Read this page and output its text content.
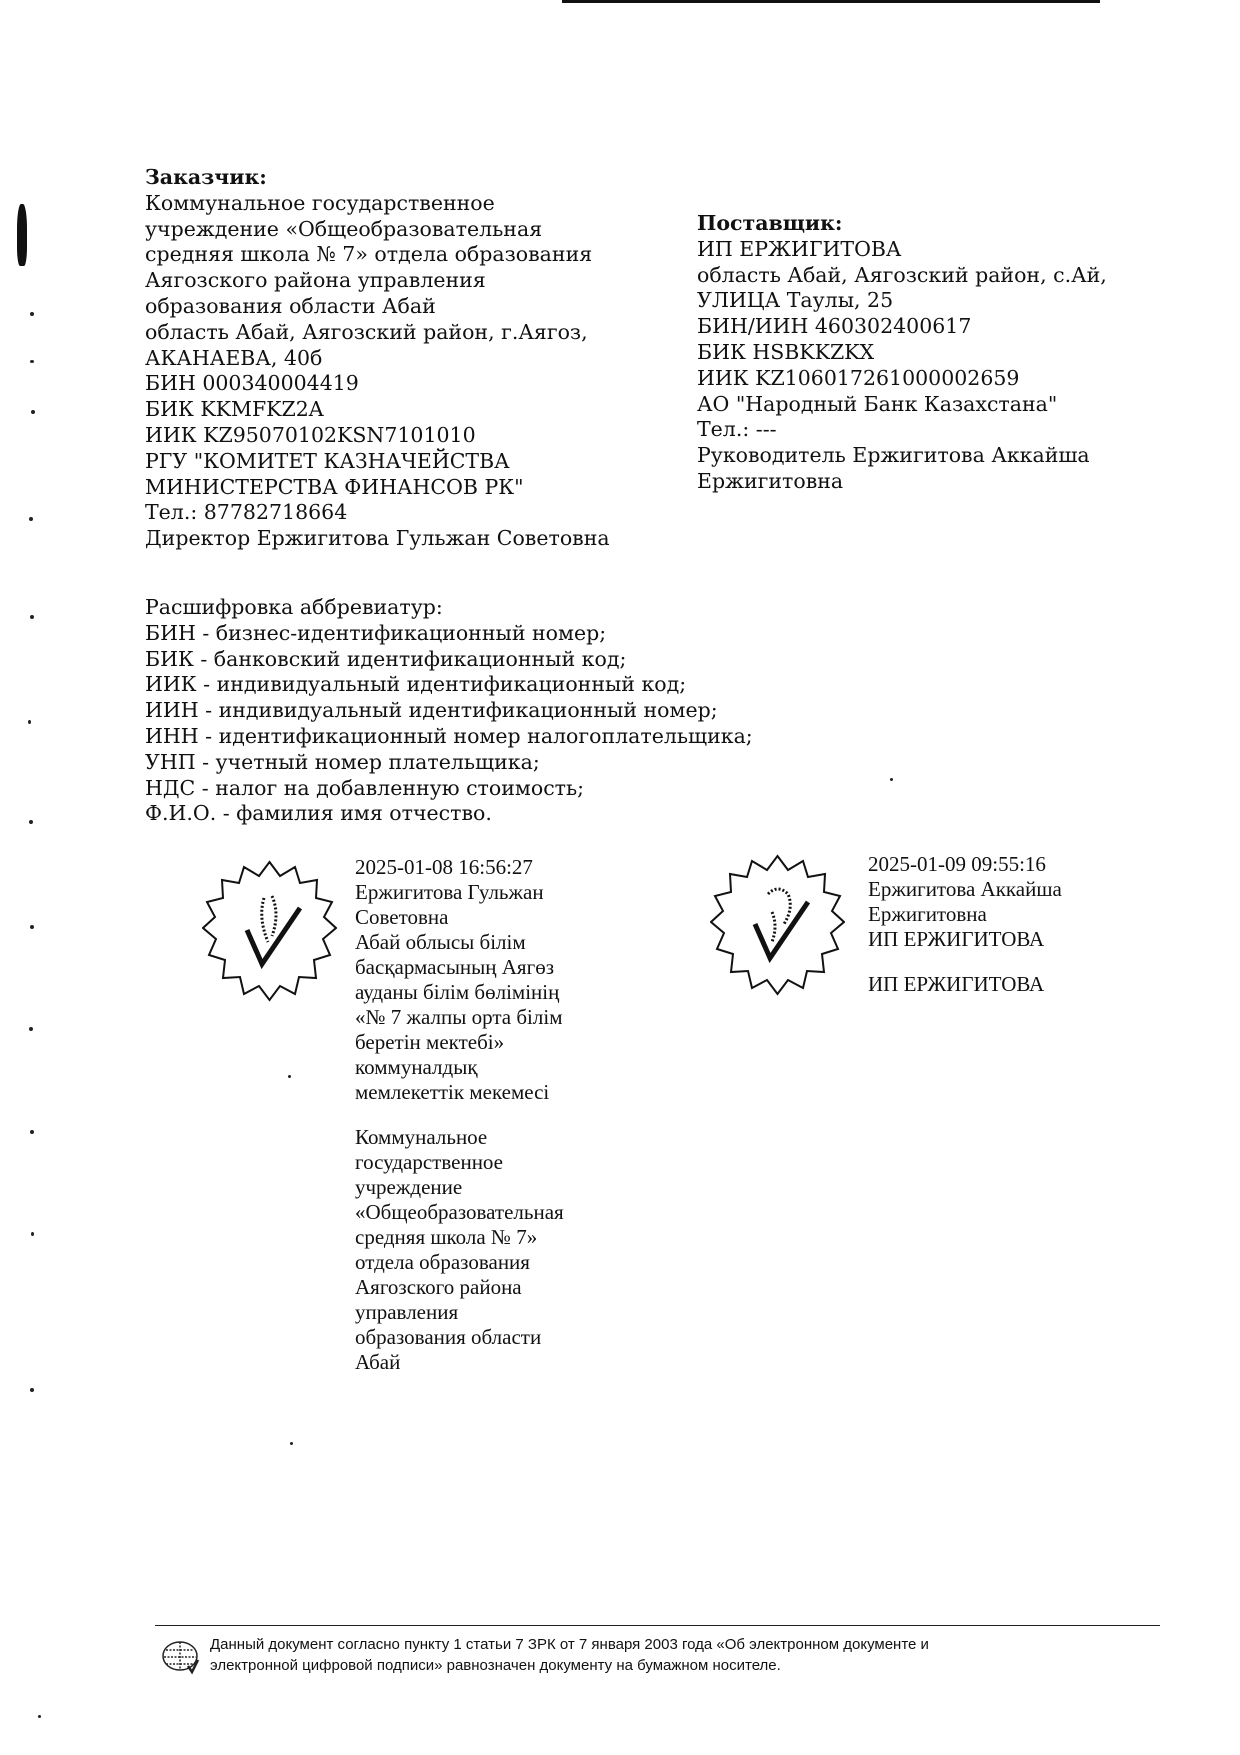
Заказчик:
Коммунальное государственное
учреждение «Общеобразовательная
средняя школа № 7» отдела образования
Аягозского района управления
образования области Абай
область Абай, Аягозский район, г.Аягоз,
АКАНАЕВА, 40б
БИН 000340004419
БИК KKMFKZ2A
ИИК KZ95070102KSN7101010
РГУ "КОМИТЕТ КАЗНАЧЕЙСТВА
МИНИСТЕРСТВА ФИНАНСОВ РК"
Тел.: 87782718664
Директор Ержигитова Гульжан Советовна
Поставщик:
ИП ЕРЖИГИТОВА
область Абай, Аягозский район, с.Ай,
УЛИЦА Таулы, 25
БИН/ИИН 460302400617
БИК HSBKKZKX
ИИК KZ106017261000002659
АО "Народный Банк Казахстана"
Тел.: ---
Руководитель Ержигитова Аккайша
Ержигитовна
Расшифровка аббревиатур:
БИН - бизнес-идентификационный номер;
БИК - банковский идентификационный код;
ИИК - индивидуальный идентификационный код;
ИИН - индивидуальный идентификационный номер;
ИНН - идентификационный номер налогоплательщика;
УНП - учетный номер плательщика;
НДС - налог на добавленную стоимость;
Ф.И.О. - фамилия имя отчество.
2025-01-08 16:56:27
Ержигитова Гульжан
Советовна
Абай облысы білім
басқармасының Аягөз
ауданы білім бөлімінің
«№ 7 жалпы орта білім
беретін мектебі»
коммуналдық
мемлекеттік мекемесі
Коммунальное
государственное
учреждение
«Общеобразовательная
средняя школа № 7»
отдела образования
Аягозского района
управления
образования области
Абай
2025-01-09 09:55:16
Ержигитова Аккайша
Ержигитовна
ИП ЕРЖИГИТОВА
ИП ЕРЖИГИТОВА
Данный документ согласно пункту 1 статьи 7 ЗРК от 7 января 2003 года «Об электронном документе и
электронной цифровой подписи» равнозначен документу на бумажном носителе.
